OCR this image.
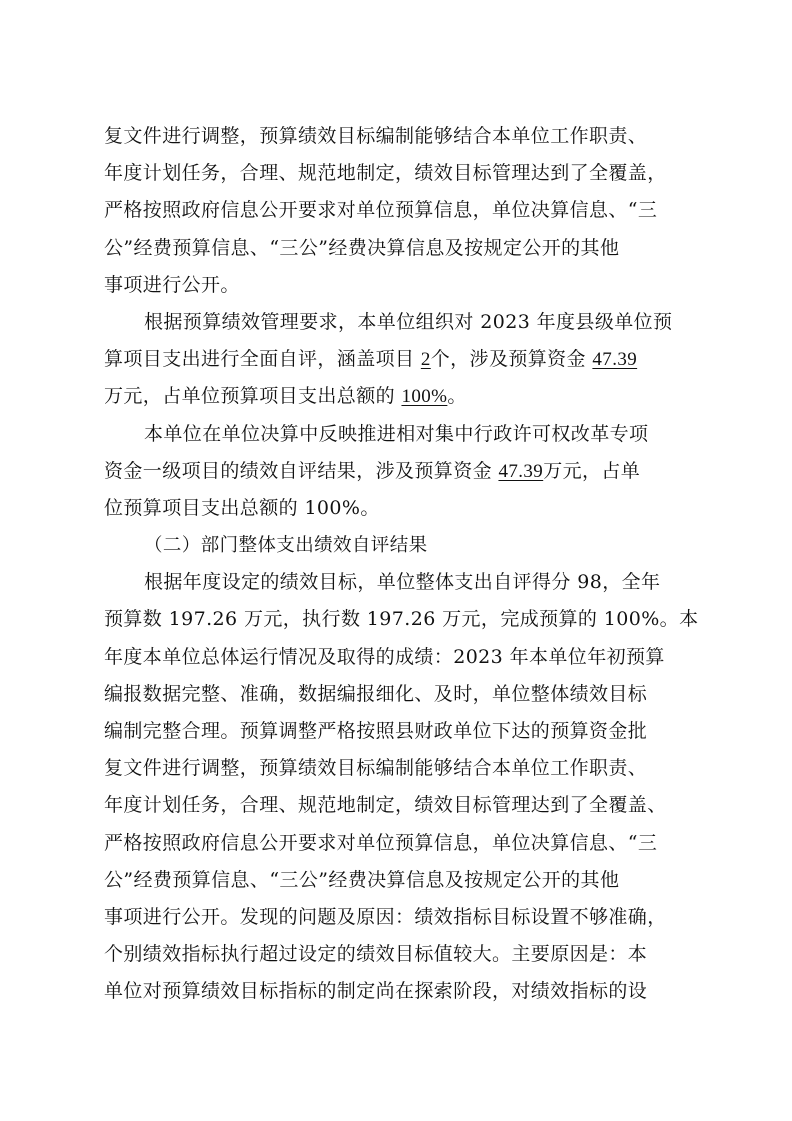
复文件进行调整，预算绩效目标编制能够结合本单位工作职责、
年度计划任务，合理、规范地制定，绩效目标管理达到了全覆盖，
严格按照政府信息公开要求对单位预算信息，单位决算信息、“三
公”经费预算信息、“三公”经费决算信息及按规定公开的其他
事项进行公开。
根据预算绩效管理要求，本单位组织对 2023 年度县级单位预
算项目支出进行全面自评，涵盖项目 2个，涉及预算资金 47.39
万元，占单位预算项目支出总额的 100%。
本单位在单位决算中反映推进相对集中行政许可权改革专项
资金一级项目的绩效自评结果，涉及预算资金 47.39万元，占单
位预算项目支出总额的 100%。
（二）部门整体支出绩效自评结果
根据年度设定的绩效目标，单位整体支出自评得分 98，全年
预算数 197.26 万元，执行数 197.26 万元，完成预算的 100%。本
年度本单位总体运行情况及取得的成绩：2023 年本单位年初预算
编报数据完整、准确，数据编报细化、及时，单位整体绩效目标
编制完整合理。预算调整严格按照县财政单位下达的预算资金批
复文件进行调整，预算绩效目标编制能够结合本单位工作职责、
年度计划任务，合理、规范地制定，绩效目标管理达到了全覆盖、
严格按照政府信息公开要求对单位预算信息，单位决算信息、“三
公”经费预算信息、“三公”经费决算信息及按规定公开的其他
事项进行公开。发现的问题及原因：绩效指标目标设置不够准确，
个别绩效指标执行超过设定的绩效目标值较大。主要原因是：本
单位对预算绩效目标指标的制定尚在探索阶段，对绩效指标的设
